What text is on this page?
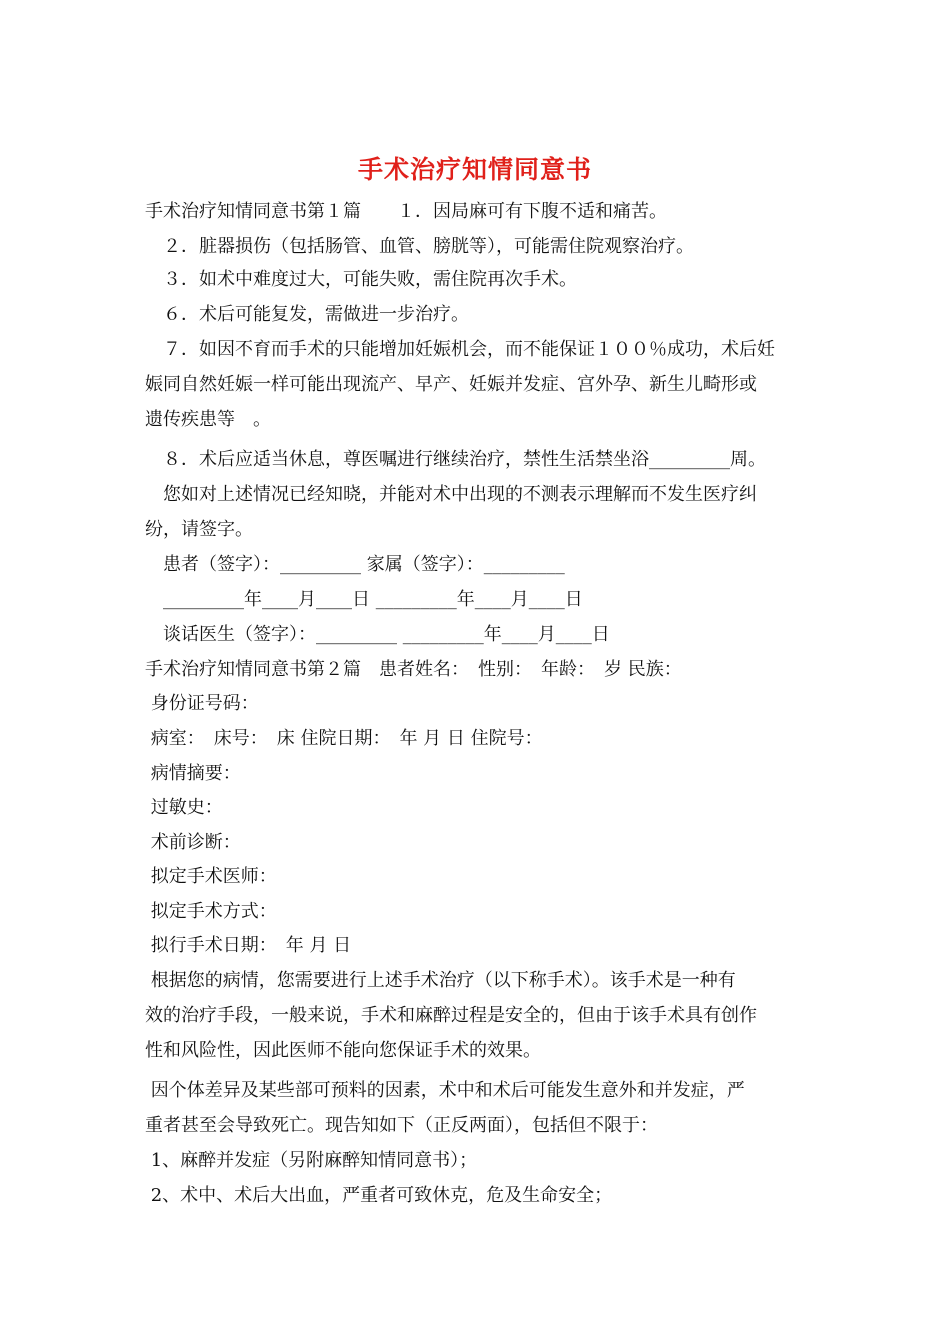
手术治疗知情同意书
手术治疗知情同意书第１篇　　１．因局麻可有下腹不适和痛苦。
　２．脏器损伤（包括肠管、血管、膀胱等），可能需住院观察治疗。
　３．如术中难度过大，可能失败，需住院再次手术。
　６．术后可能复发，需做进一步治疗。
　７．如因不育而手术的只能增加妊娠机会，而不能保证１００％成功，术后妊
娠同自然妊娠一样可能出现流产、早产、妊娠并发症、宫外孕、新生儿畸形或
遗传疾患等　。
　８．术后应适当休息，尊医嘱进行继续治疗，禁性生活禁坐浴_________周。
　您如对上述情况已经知晓，并能对术中出现的不测表示理解而不发生医疗纠
纷，请签字。
　患者（签字）：_________ 家属（签字）：_________
　_________年____月____日 _________年____月____日
　谈话医生（签字）：_________ _________年____月____日
手术治疗知情同意书第２篇　患者姓名：　性别：　年龄：　岁 民族：
身份证号码：
病室：　床号：　床 住院日期：　年 月 日 住院号：
病情摘要：
过敏史：
术前诊断：
拟定手术医师：
拟定手术方式：
拟行手术日期：　年 月 日
根据您的病情，您需要进行上述手术治疗（以下称手术）。该手术是一种有
效的治疗手段，一般来说，手术和麻醉过程是安全的，但由于该手术具有创作
性和风险性，因此医师不能向您保证手术的效果。
因个体差异及某些部可预料的因素，术中和术后可能发生意外和并发症，严
重者甚至会导致死亡。现告知如下（正反两面），包括但不限于：
1、麻醉并发症（另附麻醉知情同意书）；
2、术中、术后大出血，严重者可致休克，危及生命安全；
